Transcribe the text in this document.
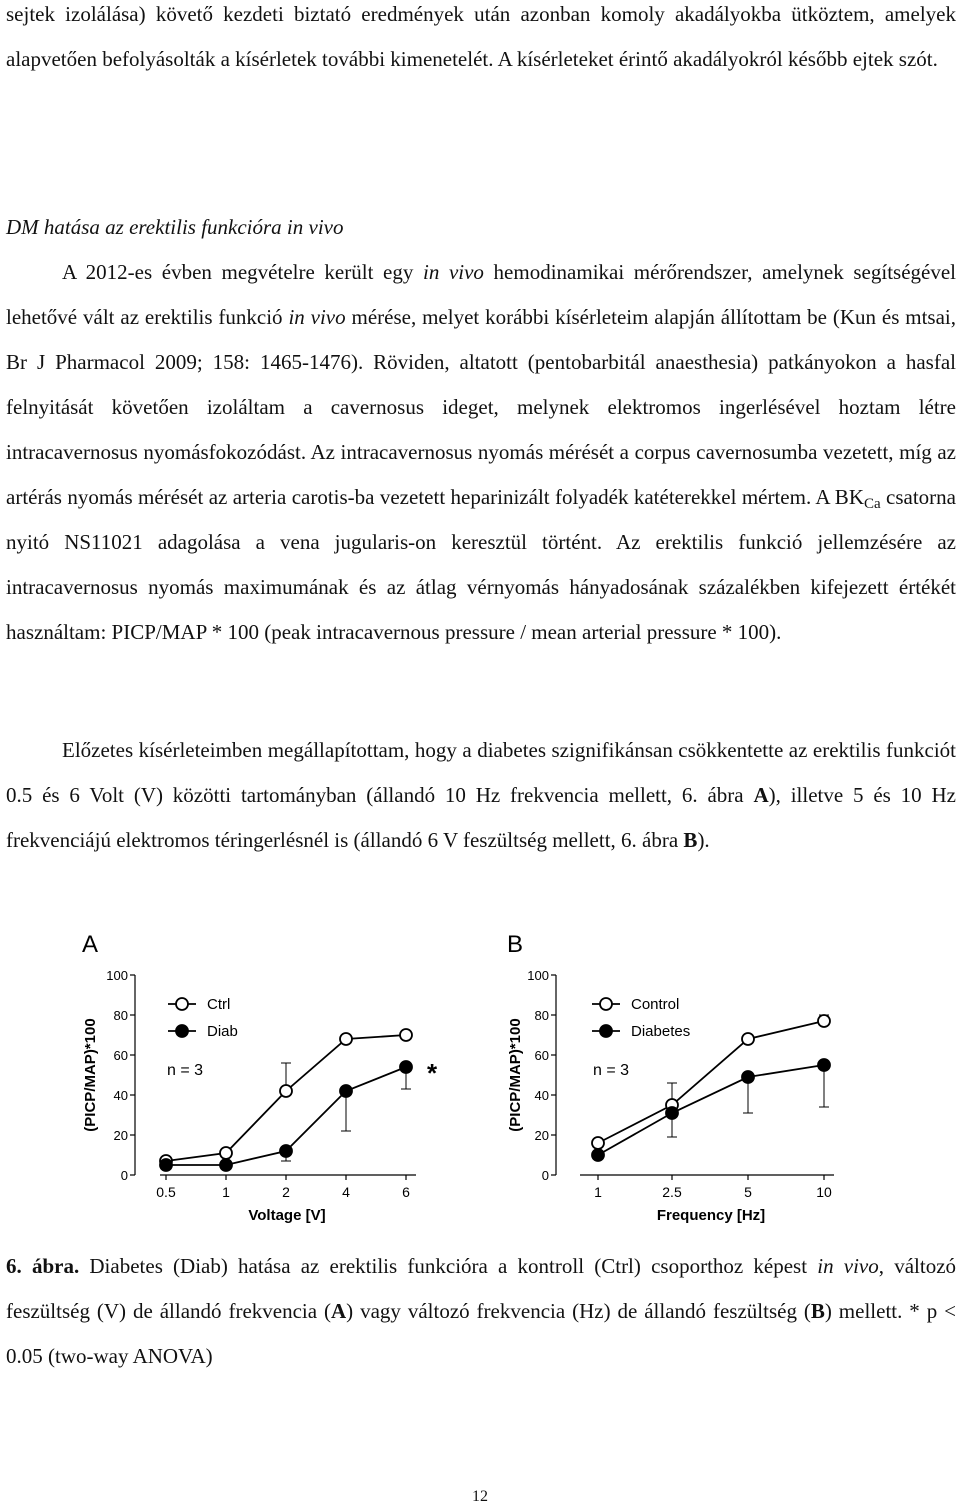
sejtek izolálása) követő kezdeti biztató eredmények után azonban komoly akadályokba ütköztem, amelyek alapvetően befolyásolták a kísérletek további kimenetelét. A kísérleteket érintő akadályokról később ejtek szót.

DM hatása az erektilis funkcióra in vivo

A 2012-es évben megvételre került egy in vivo hemodinamikai mérőrendszer, amelynek segítségével lehetővé vált az erektilis funkció in vivo mérése, melyet korábbi kísérleteim alapján állítottam be (Kun és mtsai, Br J Pharmacol 2009; 158: 1465-1476). Röviden, altatott (pentobarbitál anaesthesia) patkányokon a hasfal felnyitását követően izoláltam a cavernosus ideget, melynek elektromos ingerlésével hoztam létre intracavernosus nyomásfokozódást. Az intracavernosus nyomás mérését a corpus cavernosumba vezetett, míg az artérás nyomás mérését az arteria carotis-ba vezetett heparinizált folyadék katéterekkel mértem. A $BK_{Ca}$ csatorna nyitó NS11021 adagolása a vena jugularis-on keresztül történt. Az erektilis funkció jellemzésére az intracavernosus nyomás maximumának és az átlag vérnyomás hányadosának százalékben kifejezett értékét használtam: PICP/MAP * 100 (peak intracavernous pressure / mean arterial pressure * 100).

Előzetes kísérleteimben megállapítottam, hogy a diabetes szignifikánsan csökkentette az erektilis funkciót 0.5 és 6 Volt (V) közötti tartományban (állandó 10 Hz frekvencia mellett, 6. ábra A), illetve 5 és 10 Hz frekvenciájú elektromos téringerlésnél is (állandó 6 V feszültség mellett, 6. ábra B).

A
0
20
40
60
80
100
(PICP/MAP)*100
0.5	1	2	4	6
Voltage [V]
Ctrl
Diab
n = 3	*
B
0
20
40
60
80
100
(PICP/MAP)*100
1	2.5	5	10
Frequency [Hz]
Control
Diabetes
n = 3

6. ábra. Diabetes (Diab) hatása az erektilis funkcióra a kontroll (Ctrl) csoporthoz képest in vivo, változó feszültség (V) de állandó frekvencia (A) vagy változó frekvencia (Hz) de állandó feszültség (B) mellett. * p < 0.05 (two-way ANOVA)

12
